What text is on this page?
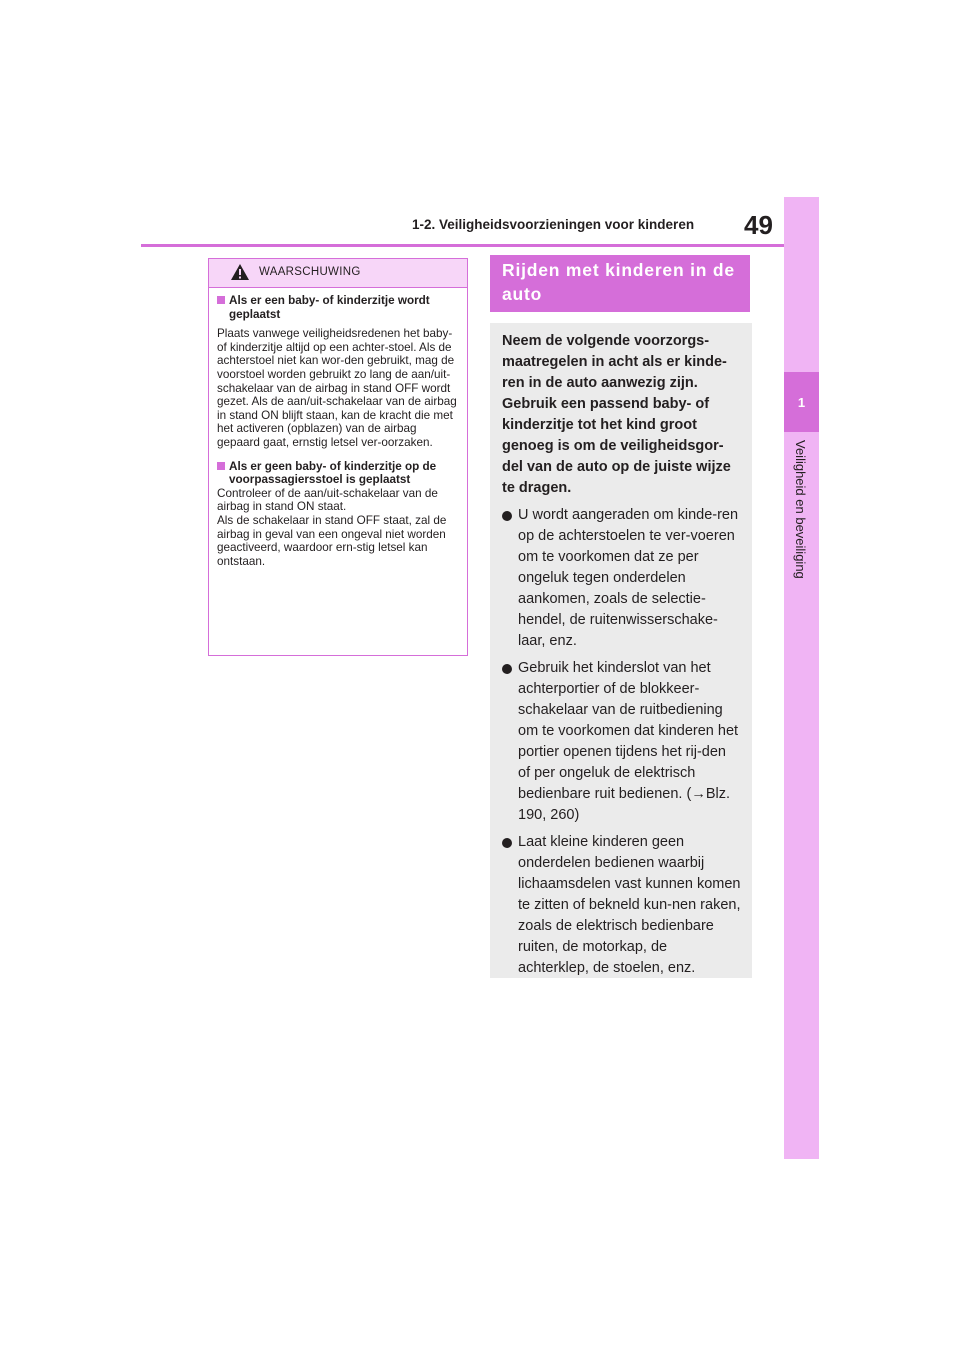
1
Veiligheid en beveiliging
1-2. Veiligheidsvoorzieningen voor kinderen 49
WAARSCHUWING
Als er een baby- of kinderzitje wordt geplaatst
Plaats vanwege veiligheidsredenen het baby- of kinderzitje altijd op een achter-stoel. Als de achterstoel niet kan wor-den gebruikt, mag de voorstoel worden gebruikt zo lang de aan/uit-schakelaar van de airbag in stand OFF wordt gezet. Als de aan/uit-schakelaar van de airbag in stand ON blijft staan, kan de kracht die met het activeren (opblazen) van de airbag gepaard gaat, ernstig letsel ver-oorzaken.
Als er geen baby- of kinderzitje op de voorpassagiersstoel is geplaatst
Controleer of de aan/uit-schakelaar van de airbag in stand ON staat.
Als de schakelaar in stand OFF staat, zal de airbag in geval van een ongeval niet worden geactiveerd, waardoor ern-stig letsel kan ontstaan.
Rijden met kinderen in de auto
Neem de volgende voorzorgs-maatregelen in acht als er kinde-ren in de auto aanwezig zijn. Gebruik een passend baby- of kinderzitje tot het kind groot genoeg is om de veiligheidsgor-del van de auto op de juiste wijze te dragen.
U wordt aangeraden om kinde-ren op de achterstoelen te ver-voeren om te voorkomen dat ze per ongeluk tegen onderdelen aankomen, zoals de selectie-hendel, de ruitenwisserschake-laar, enz.
Gebruik het kinderslot van het achterportier of de blokkeer-schakelaar van de ruitbediening om te voorkomen dat kinderen het portier openen tijdens het rij-den of per ongeluk de elektrisch bedienbare ruit bedienen. (→Blz. 190, 260)
Laat kleine kinderen geen onderdelen bedienen waarbij lichaamsdelen vast kunnen komen te zitten of bekneld kun-nen raken, zoals de elektrisch bedienbare ruiten, de motorkap, de achterklep, de stoelen, enz.
